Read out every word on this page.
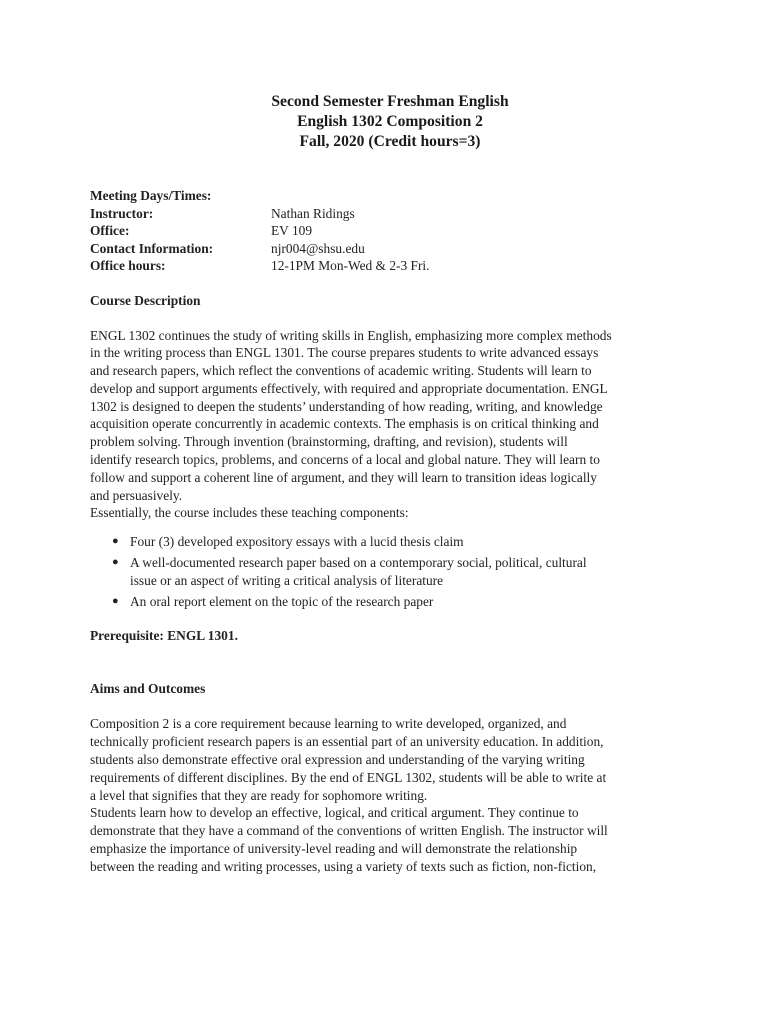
Second Semester Freshman English
English 1302 Composition 2
Fall, 2020 (Credit hours=3)
Meeting Days/Times:
Instructor:	Nathan Ridings
Office:	EV 109
Contact Information:	njr004@shsu.edu
Office hours:	12-1PM Mon-Wed & 2-3 Fri.
Course Description
ENGL 1302 continues the study of writing skills in English, emphasizing more complex methods
in the writing process than ENGL 1301. The course prepares students to write advanced essays
and research papers, which reflect the conventions of academic writing. Students will learn to
develop and support arguments effectively, with required and appropriate documentation. ENGL
1302 is designed to deepen the students’ understanding of how reading, writing, and knowledge
acquisition operate concurrently in academic contexts. The emphasis is on critical thinking and
problem solving. Through invention (brainstorming, drafting, and revision), students will
identify research topics, problems, and concerns of a local and global nature. They will learn to
follow and support a coherent line of argument, and they will learn to transition ideas logically
and persuasively.
Essentially, the course includes these teaching components:
● Four (3) developed expository essays with a lucid thesis claim
● A well-documented research paper based on a contemporary social, political, cultural
issue or an aspect of writing a critical analysis of literature
● An oral report element on the topic of the research paper
Prerequisite: ENGL 1301.
Aims and Outcomes
Composition 2 is a core requirement because learning to write developed, organized, and
technically proficient research papers is an essential part of an university education. In addition,
students also demonstrate effective oral expression and understanding of the varying writing
requirements of different disciplines. By the end of ENGL 1302, students will be able to write at
a level that signifies that they are ready for sophomore writing.
Students learn how to develop an effective, logical, and critical argument. They continue to
demonstrate that they have a command of the conventions of written English. The instructor will
emphasize the importance of university-level reading and will demonstrate the relationship
between the reading and writing processes, using a variety of texts such as fiction, non-fiction,
